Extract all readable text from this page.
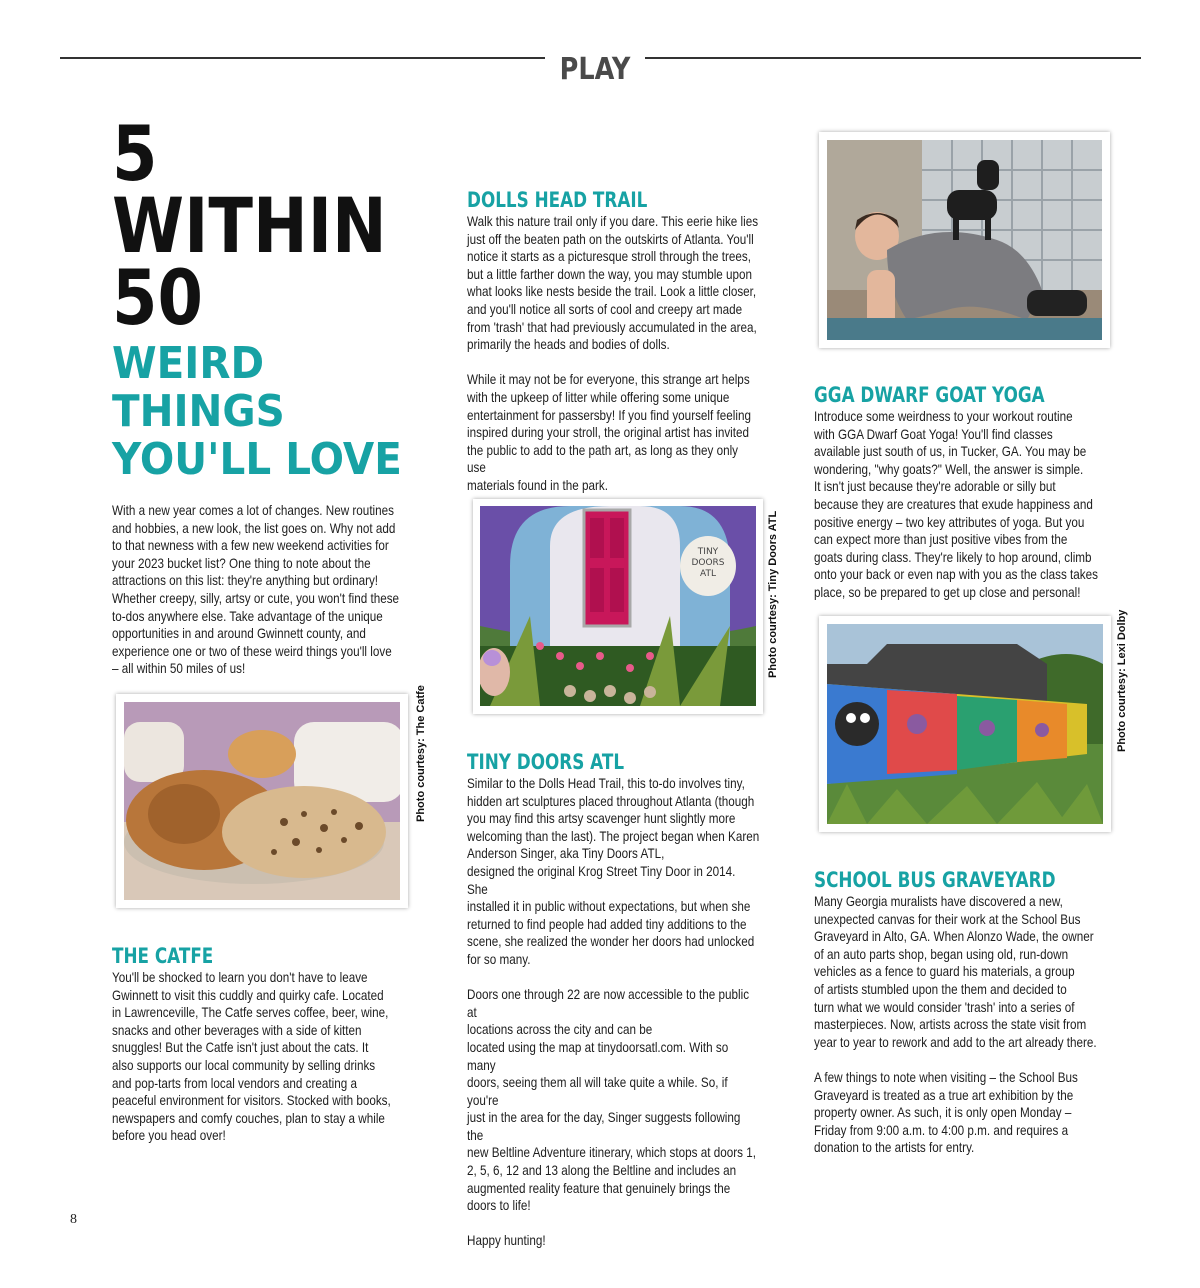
PLAY
5
WITHIN
50
WEIRD
THINGS
YOU'LL LOVE
With a new year comes a lot of changes. New routines
and hobbies, a new look, the list goes on. Why not add
to that newness with a few new weekend activities for
your 2023 bucket list? One thing to note about the
attractions on this list: they're anything but ordinary!
Whether creepy, silly, artsy or cute, you won't find these
to-dos anywhere else. Take advantage of the unique
opportunities in and around Gwinnett county, and
experience one or two of these weird things you'll love
– all within 50 miles of us!
Photo courtesy: The Catfe
THE CATFE
You'll be shocked to learn you don't have to leave
Gwinnett to visit this cuddly and quirky cafe. Located
in Lawrenceville, The Catfe serves coffee, beer, wine,
snacks and other beverages with a side of kitten
snuggles! But the Catfe isn't just about the cats. It
also supports our local community by selling drinks
and pop-tarts from local vendors and creating a
peaceful environment for visitors. Stocked with books,
newspapers and comfy couches, plan to stay a while
before you head over!
DOLLS HEAD TRAIL
Walk this nature trail only if you dare. This eerie hike lies
just off the beaten path on the outskirts of Atlanta. You'll
notice it starts as a picturesque stroll through the trees,
but a little farther down the way, you may stumble upon
what looks like nests beside the trail. Look a little closer,
and you'll notice all sorts of cool and creepy art made
from 'trash' that had previously accumulated in the area,
primarily the heads and bodies of dolls.

While it may not be for everyone, this strange art helps
with the upkeep of litter while offering some unique
entertainment for passersby! If you find yourself feeling
inspired during your stroll, the original artist has invited
the public to add to the path art, as long as they only use
materials found in the park.
TINY DOORS ATL	Photo courtesy: Tiny Doors ATL
TINY DOORS ATL
Similar to the Dolls Head Trail, this to-do involves tiny,
hidden art sculptures placed throughout Atlanta (though
you may find this artsy scavenger hunt slightly more
welcoming than the last). The project began when Karen
Anderson Singer, aka Tiny Doors ATL,
designed the original Krog Street Tiny Door in 2014. She
installed it in public without expectations, but when she
returned to find people had added tiny additions to the
scene, she realized the wonder her doors had unlocked
for so many.

Doors one through 22 are now accessible to the public at
locations across the city and can be
located using the map at tinydoorsatl.com. With so many
doors, seeing them all will take quite a while. So, if you're
just in the area for the day, Singer suggests following the
new Beltline Adventure itinerary, which stops at doors 1,
2, 5, 6, 12 and 13 along the Beltline and includes an
augmented reality feature that genuinely brings the
doors to life!

Happy hunting!
GGA DWARF GOAT YOGA
Introduce some weirdness to your workout routine
with GGA Dwarf Goat Yoga! You'll find classes
available just south of us, in Tucker, GA. You may be
wondering, "why goats?" Well, the answer is simple.
It isn't just because they're adorable or silly but
because they are creatures that exude happiness and
positive energy – two key attributes of yoga. But you
can expect more than just positive vibes from the
goats during class. They're likely to hop around, climb
onto your back or even nap with you as the class takes
place, so be prepared to get up close and personal!
Photo courtesy: Lexi Dolby
SCHOOL BUS GRAVEYARD
Many Georgia muralists have discovered a new,
unexpected canvas for their work at the School Bus
Graveyard in Alto, GA. When Alonzo Wade, the owner
of an auto parts shop, began using old, run-down
vehicles as a fence to guard his materials, a group
of artists stumbled upon the them and decided to
turn what we would consider 'trash' into a series of
masterpieces. Now, artists across the state visit from
year to year to rework and add to the art already there.

A few things to note when visiting – the School Bus
Graveyard is treated as a true art exhibition by the
property owner. As such, it is only open Monday –
Friday from 9:00 a.m. to 4:00 p.m. and requires a
donation to the artists for entry.
8
